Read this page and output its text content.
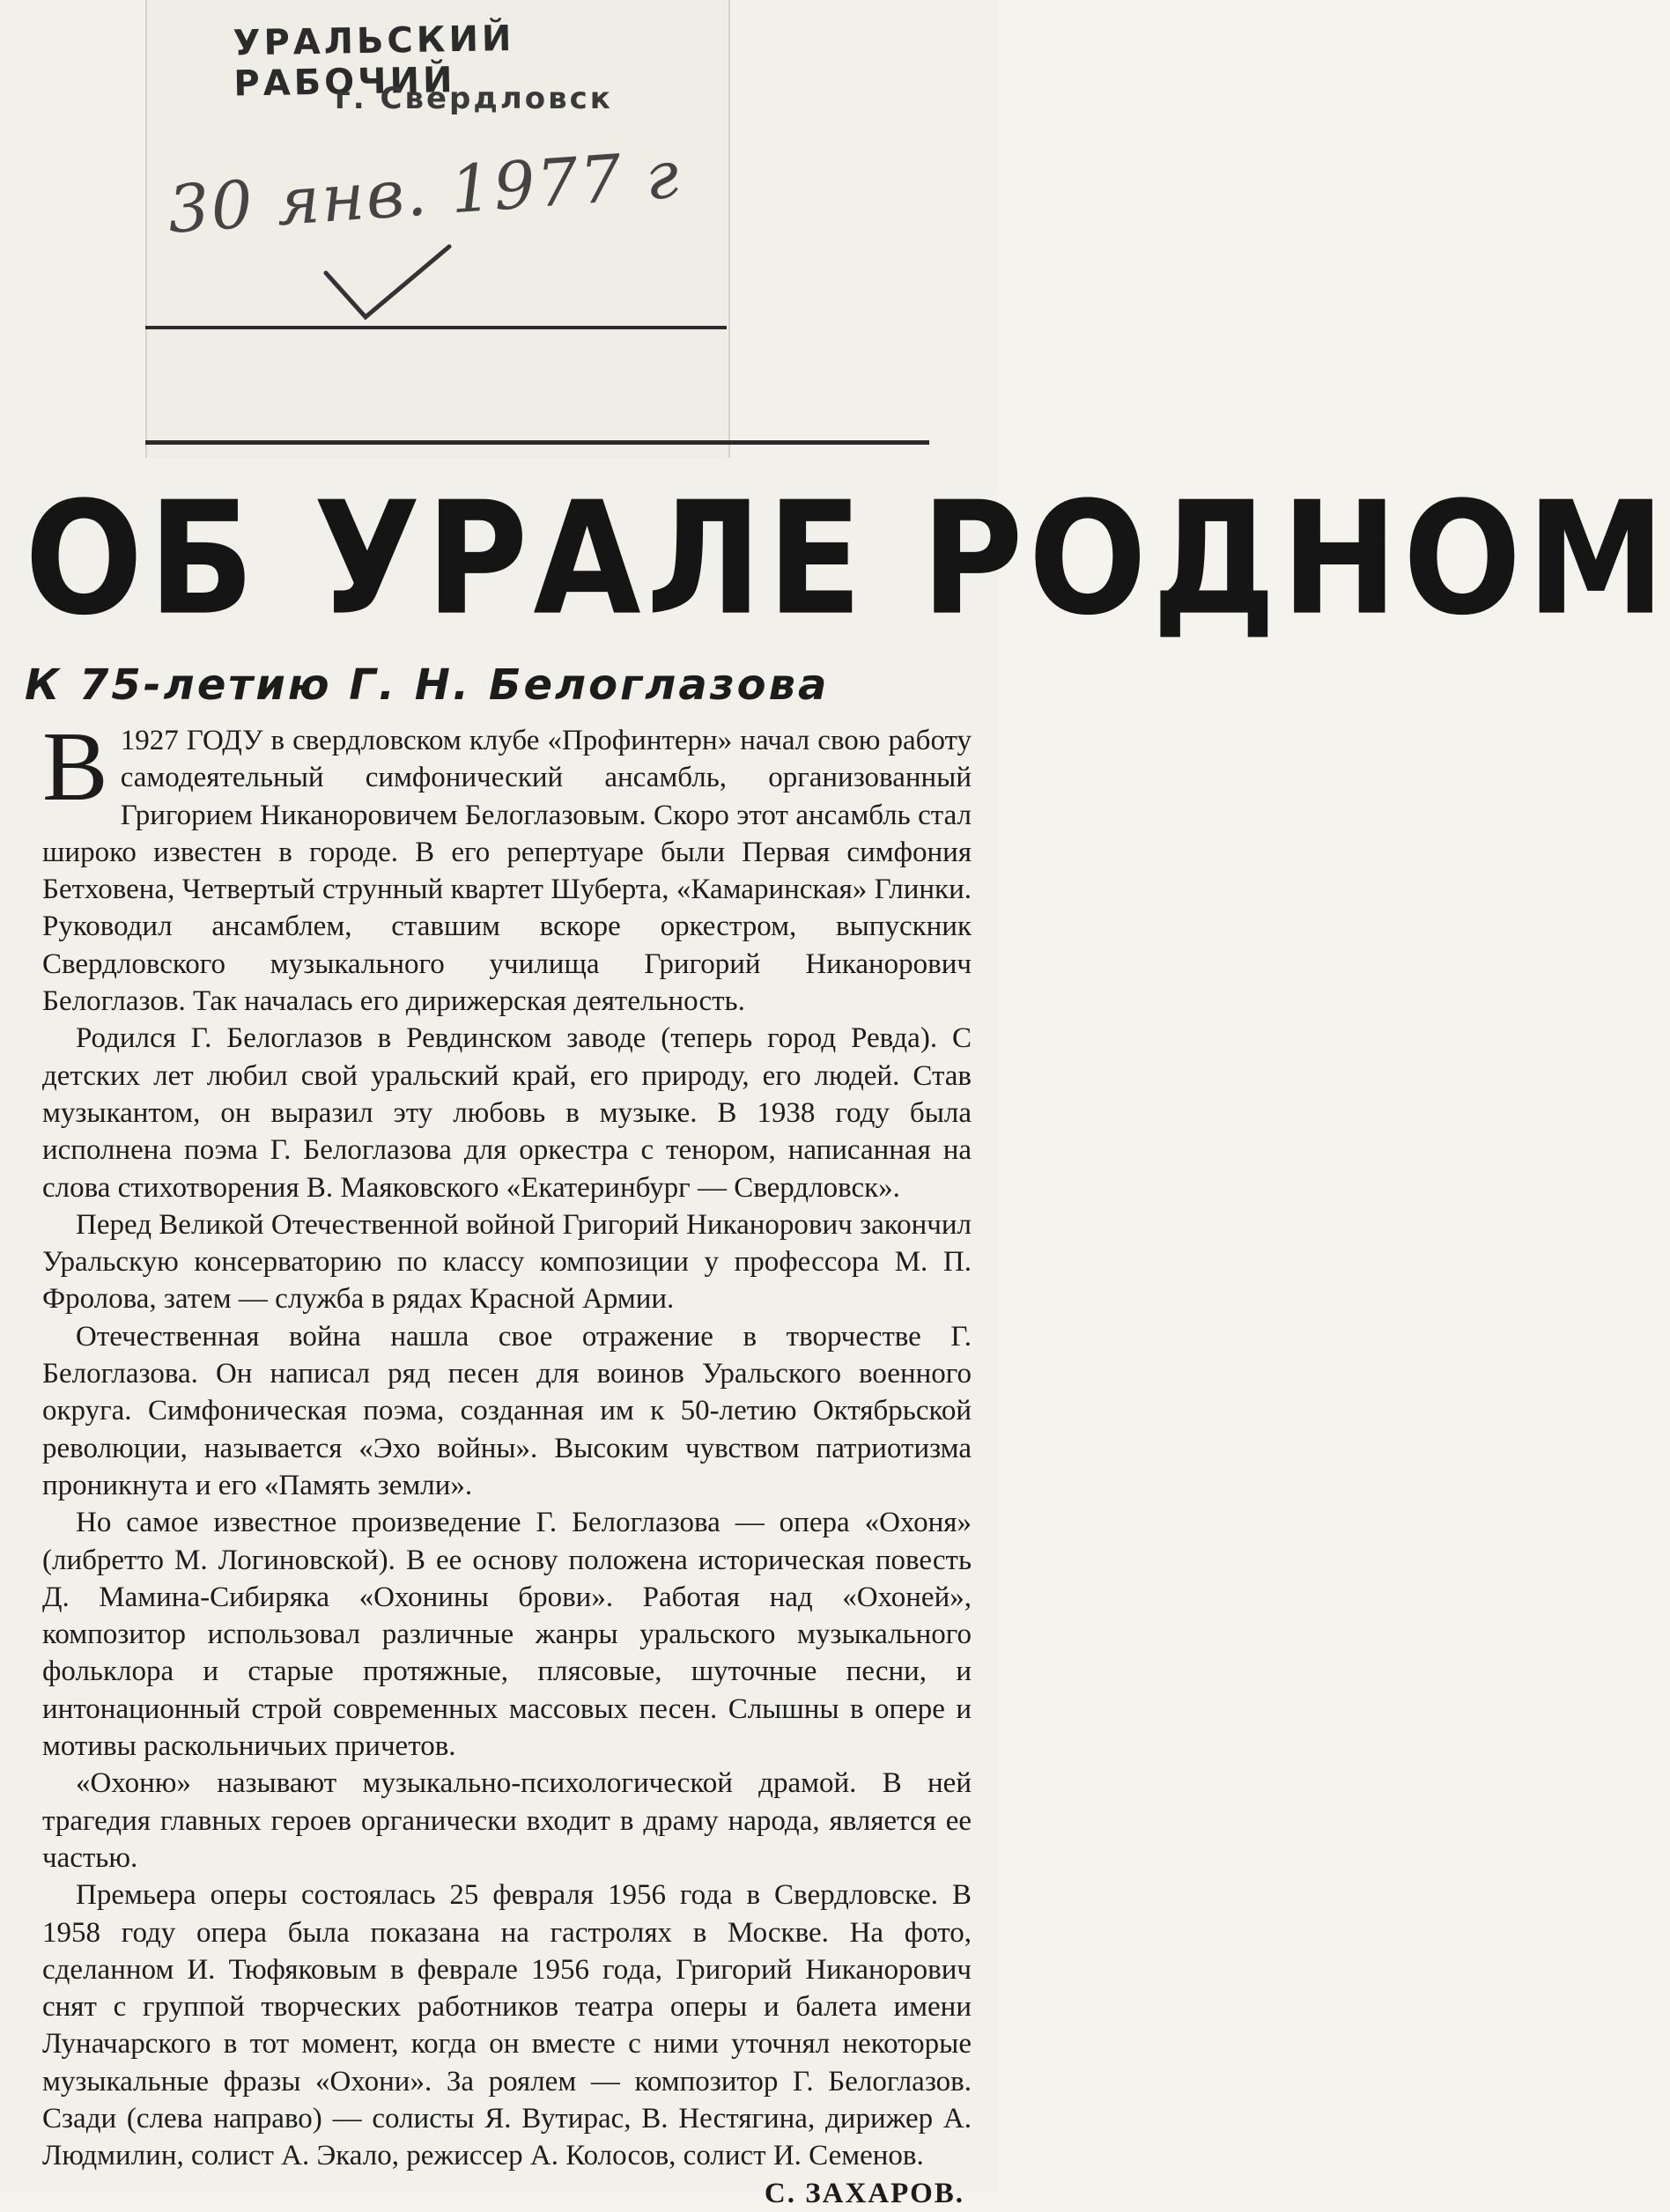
УРАЛЬСКИЙ РАБОЧИЙ
г. Свердловск
30 янв. 1977 г
ОБ УРАЛЕ РОДНОМ
К 75-летию Г. Н. Белоглазова

В 1927 ГОДУ в свердловском клубе «Профинтерн» начал свою работу самодеятельный симфонический ансамбль, организованный Григорием Никаноровичем Белоглазовым. Скоро этот ансамбль стал широко известен в городе. В его репертуаре были Первая симфония Бетховена, Четвертый струнный квартет Шуберта, «Камаринская» Глинки. Руководил ансамблем, ставшим вскоре оркестром, выпускник Свердловского музыкального училища Григорий Никанорович Белоглазов. Так началась его дирижерская деятельность.

Родился Г. Белоглазов в Ревдинском заводе (теперь город Ревда). С детских лет любил свой уральский край, его природу, его людей. Став музыкантом, он выразил эту любовь в музыке. В 1938 году была исполнена поэма Г. Белоглазова для оркестра с тенором, написанная на слова стихотворения В. Маяковского «Екатеринбург — Свердловск».

Перед Великой Отечественной войной Григорий Никанорович закончил Уральскую консерваторию по классу композиции у профессора М. П. Фролова, затем — служба в рядах Красной Армии.

Отечественная война нашла свое отражение в творчестве Г. Белоглазова. Он написал ряд песен для воинов Уральского военного округа. Симфоническая поэма, созданная им к 50-летию Октябрьской революции, называется «Эхо войны». Высоким чувством патриотизма проникнута и его «Память земли».

Но самое известное произведение Г. Белоглазова — опера «Охоня» (либретто М. Логиновской). В ее основу положена историческая повесть Д. Мамина-Сибиряка «Охонины брови». Работая над «Охоней», композитор использовал различные жанры уральского музыкального фольклора и старые протяжные, плясовые, шуточные песни, и интонационный строй современных массовых песен. Слышны в опере и мотивы раскольничьих причетов.

«Охоню» называют музыкально-психологической драмой. В ней трагедия главных героев органически входит в драму народа, является ее частью.

Премьера оперы состоялась 25 февраля 1956 года в Свердловске. В 1958 году опера была показана на гастролях в Москве. На фото, сделанном И. Тюфяковым в феврале 1956 года, Григорий Никанорович снят с группой творческих работников театра оперы и балета имени Луначарского в тот момент, когда он вместе с ними уточнял некоторые музыкальные фразы «Охони». За роялем — композитор Г. Белоглазов. Сзади (слева направо) — солисты Я. Вутирас, В. Нестягина, дирижер А. Людмилин, солист А. Экало, режиссер А. Колосов, солист И. Семенов.

С. ЗАХАРОВ.
